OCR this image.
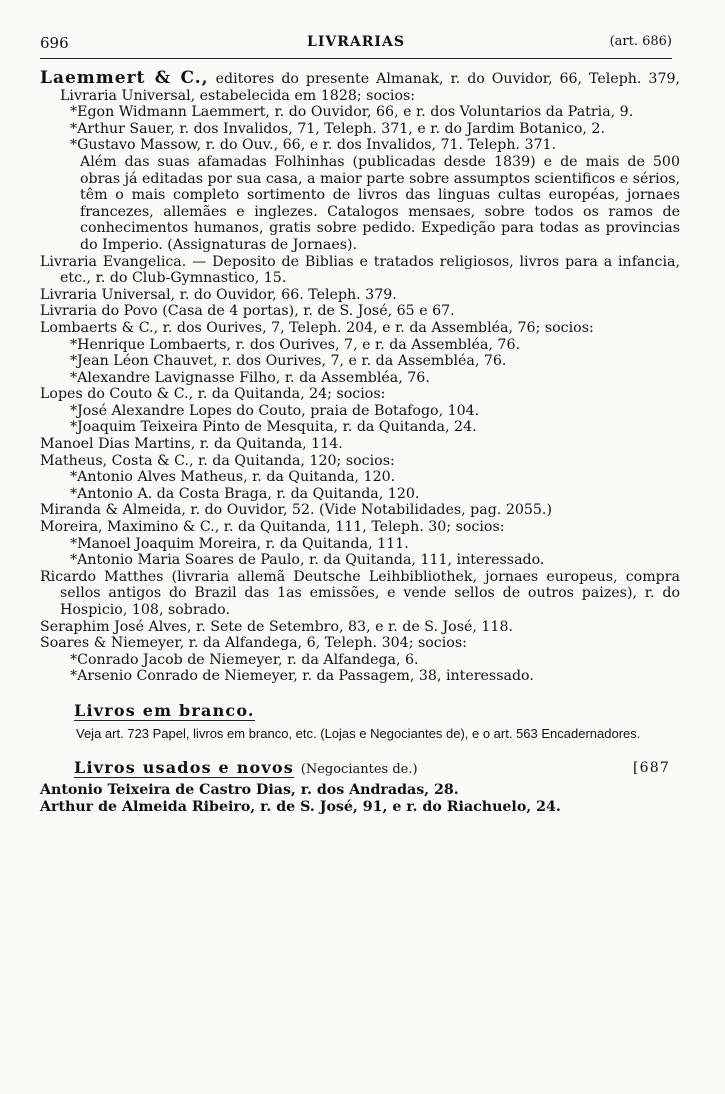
696	LIVRARIAS	(art. 686)

Laemmert & C., editores do presente Almanak, r. do Ouvidor, 66, Teleph. 379, Livraria Universal, estabelecida em 1828; socios:

*Egon Widmann Laemmert, r. do Ouvidor, 66, e r. dos Voluntarios da Patria, 9.

*Arthur Sauer, r. dos Invalidos, 71, Teleph. 371, e r. do Jardim Botanico, 2.

*Gustavo Massow, r. do Ouv., 66, e r. dos Invalidos, 71. Teleph. 371.

Além das suas afamadas Folhinhas (publicadas desde 1839) e de mais de 500 obras já editadas por sua casa, a maior parte sobre assumptos scientificos e sérios, têm o mais completo sortimento de livros das linguas cultas européas, jornaes francezes, allemães e inglezes. Catalogos mensaes, sobre todos os ramos de conhecimentos humanos, gratis sobre pedido. Expedição para todas as provincias do Imperio. (Assignaturas de Jornaes).

Livraria Evangelica. — Deposito de Biblias e tratados religiosos, livros para a infancia, etc., r. do Club-Gymnastico, 15.

Livraria Universal, r. do Ouvidor, 66. Teleph. 379.

Livraria do Povo (Casa de 4 portas), r. de S. José, 65 e 67.

Lombaerts & C., r. dos Ourives, 7, Teleph. 204, e r. da Assembléa, 76; socios:

*Henrique Lombaerts, r. dos Ourives, 7, e r. da Assembléa, 76.

*Jean Léon Chauvet, r. dos Ourives, 7, e r. da Assembléa, 76.

*Alexandre Lavignasse Filho, r. da Assembléa, 76.

Lopes do Couto & C., r. da Quitanda, 24; socios:

*José Alexandre Lopes do Couto, praia de Botafogo, 104.

*Joaquim Teixeira Pinto de Mesquita, r. da Quitanda, 24.

Manoel Dias Martins, r. da Quitanda, 114.

Matheus, Costa & C., r. da Quitanda, 120; socios:

*Antonio Alves Matheus, r. da Quitanda, 120.

*Antonio A. da Costa Braga, r. da Quitanda, 120.

Miranda & Almeida, r. do Ouvidor, 52. (Vide Notabilidades, pag. 2055.)

Moreira, Maximino & C., r. da Quitanda, 111, Teleph. 30; socios:

*Manoel Joaquim Moreira, r. da Quitanda, 111.

*Antonio Maria Soares de Paulo, r. da Quitanda, 111, interessado.

Ricardo Matthes (livraria allemã Deutsche Leihbibliothek, jornaes europeus, compra sellos antigos do Brazil das 1as emissões, e vende sellos de outros paizes), r. do Hospicio, 108, sobrado.

Seraphim José Alves, r. Sete de Setembro, 83, e r. de S. José, 118.

Soares & Niemeyer, r. da Alfandega, 6, Teleph. 304; socios:

*Conrado Jacob de Niemeyer, r. da Alfandega, 6.

*Arsenio Conrado de Niemeyer, r. da Passagem, 38, interessado.

Livros em branco.
Veja art. 723 Papel, livros em branco, etc. (Lojas e Negociantes de), e o art. 563 Encadernadores.
[687
Livros usados e novos (Negociantes de.)

Antonio Teixeira de Castro Dias, r. dos Andradas, 28.

Arthur de Almeida Ribeiro, r. de S. José, 91, e r. do Riachuelo, 24.
